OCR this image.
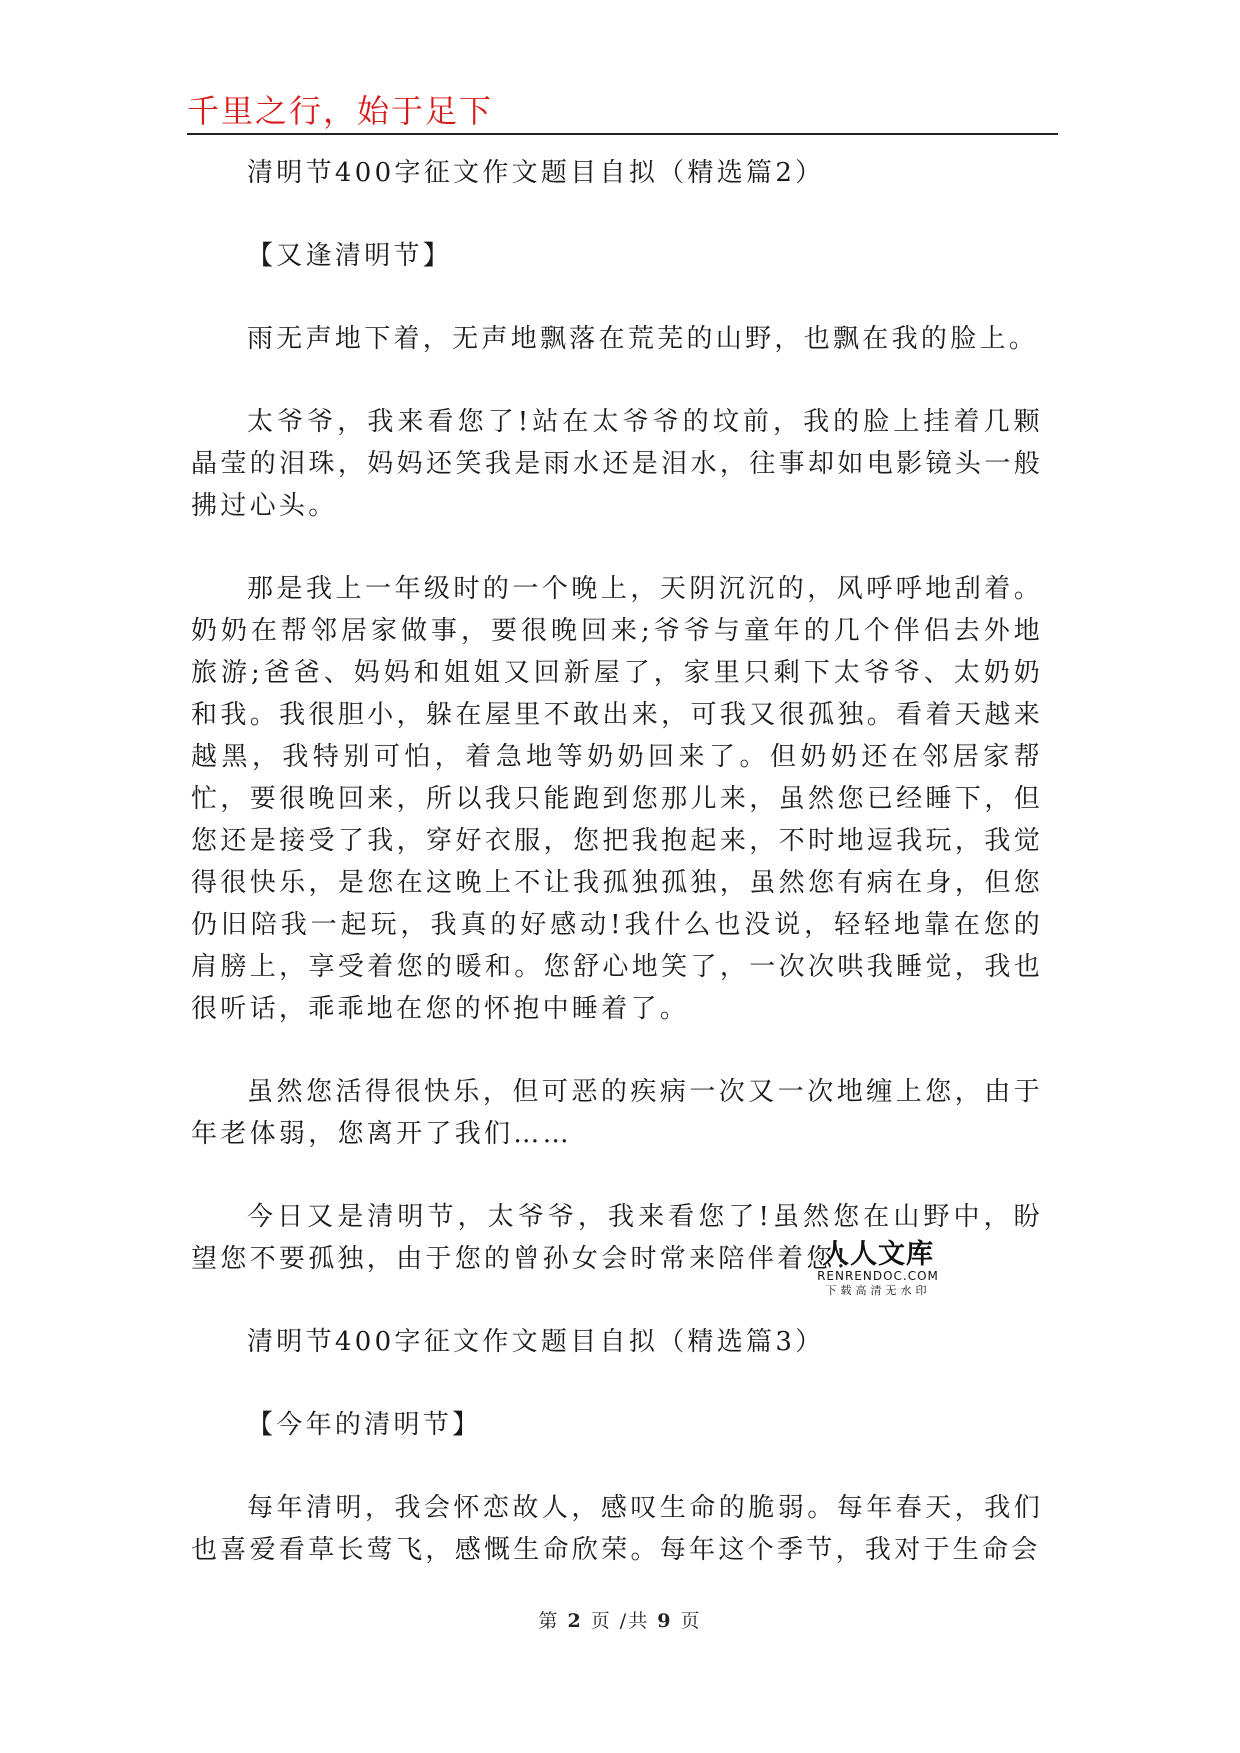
千里之行，始于足下

清明节400字征文作文题目自拟（精选篇2）

【又逢清明节】

雨无声地下着，无声地飘落在荒芜的山野，也飘在我的脸上。

太爷爷，我来看您了!站在太爷爷的坟前，我的脸上挂着几颗晶莹的泪珠，妈妈还笑我是雨水还是泪水，往事却如电影镜头一般拂过心头。

那是我上一年级时的一个晚上，天阴沉沉的，风呼呼地刮着。奶奶在帮邻居家做事，要很晚回来;爷爷与童年的几个伴侣去外地旅游;爸爸、妈妈和姐姐又回新屋了，家里只剩下太爷爷、太奶奶和我。我很胆小，躲在屋里不敢出来，可我又很孤独。看着天越来越黑，我特别可怕，着急地等奶奶回来了。但奶奶还在邻居家帮忙，要很晚回来，所以我只能跑到您那儿来，虽然您已经睡下，但您还是接受了我，穿好衣服，您把我抱起来，不时地逗我玩，我觉得很快乐，是您在这晚上不让我孤独孤独，虽然您有病在身，但您仍旧陪我一起玩，我真的好感动!我什么也没说，轻轻地靠在您的肩膀上，享受着您的暖和。您舒心地笑了，一次次哄我睡觉，我也很听话，乖乖地在您的怀抱中睡着了。

虽然您活得很快乐，但可恶的疾病一次又一次地缠上您，由于年老体弱，您离开了我们……

今日又是清明节，太爷爷，我来看您了!虽然您在山野中，盼望您不要孤独，由于您的曾孙女会时常来陪伴着您!

清明节400字征文作文题目自拟（精选篇3）

【今年的清明节】

每年清明，我会怀恋故人，感叹生命的脆弱。每年春天，我们也喜爱看草长莺飞，感慨生命欣荣。每年这个季节，我对于生命会

人人文库
RENRENDOC.COM
下载高清无水印
第 2 页 /共 9 页
